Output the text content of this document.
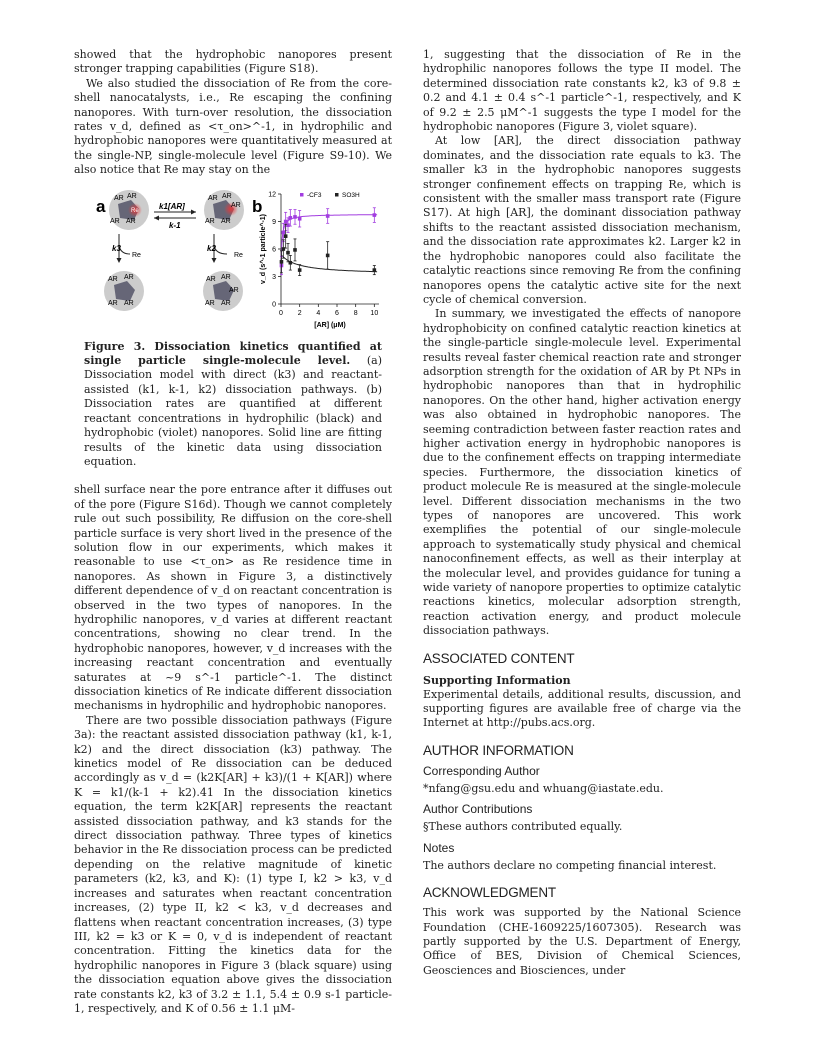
showed that the hydrophobic nanopores present stronger trapping capabilities (Figure S18).

We also studied the dissociation of Re from the core-shell nanocatalysts, i.e., Re escaping the confining nanopores. With turn-over resolution, the dissociation rates v_d, defined as <τ_on>^-1, in hydrophilic and hydrophobic nanopores were quantitatively measured at the single-NP, single-molecule level (Figure S9-10). We also notice that Re may stay on the

a AR AR
AR AR
Re	k1[AR]
k-1
AR AR
AR
AR AR
k3
Re
k2
Re
AR AR
AR AR
AR AR
AR
AR AR
b
0 2 4 6 8 10
0
3
6
9
12
[AR] (μM)
v_d (s^-1 particle^-1)
-CF3	SO3H
Figure 3. Dissociation kinetics quantified at single particle single-molecule level. (a) Dissociation model with direct (k3) and reactant-assisted (k1, k-1, k2) dissociation pathways. (b) Dissociation rates are quantified at different reactant concentrations in hydrophilic (black) and hydrophobic (violet) nanopores. Solid line are fitting results of the kinetic data using dissociation equation.

shell surface near the pore entrance after it diffuses out of the pore (Figure S16d). Though we cannot completely rule out such possibility, Re diffusion on the core-shell particle surface is very short lived in the presence of the solution flow in our experiments, which makes it reasonable to use <τ_on> as Re residence time in nanopores. As shown in Figure 3, a distinctively different dependence of v_d on reactant concentration is observed in the two types of nanopores. In the hydrophilic nanopores, v_d varies at different reactant concentrations, showing no clear trend. In the hydrophobic nanopores, however, v_d increases with the increasing reactant concentration and eventually saturates at ~9 s^-1 particle^-1. The distinct dissociation kinetics of Re indicate different dissociation mechanisms in hydrophilic and hydrophobic nanopores.

There are two possible dissociation pathways (Figure 3a): the reactant assisted dissociation pathway (k1, k-1, k2) and the direct dissociation (k3) pathway. The kinetics model of Re dissociation can be deduced accordingly as v_d = (k2K[AR] + k3)/(1 + K[AR]) where K = k1/(k-1 + k2).41 In the dissociation kinetics equation, the term k2K[AR] represents the reactant assisted dissociation pathway, and k3 stands for the direct dissociation pathway. Three types of kinetics behavior in the Re dissociation process can be predicted depending on the relative magnitude of kinetic parameters (k2, k3, and K): (1) type I, k2 > k3, v_d increases and saturates when reactant concentration increases, (2) type II, k2 < k3, v_d decreases and flattens when reactant concentration increases, (3) type III, k2 = k3 or K = 0, v_d is independent of reactant concentration. Fitting the kinetics data for the hydrophilic nanopores in Figure 3 (black square) using the dissociation equation above gives the dissociation rate constants k2, k3 of 3.2 ± 1.1, 5.4 ± 0.9 s-1 particle-1, respectively, and K of 0.56 ± 1.1 μM-

1, suggesting that the dissociation of Re in the hydrophilic nanopores follows the type II model. The determined dissociation rate constants k2, k3 of 9.8 ± 0.2 and 4.1 ± 0.4 s^-1 particle^-1, respectively, and K of 9.2 ± 2.5 μM^-1 suggests the type I model for the hydrophobic nanopores (Figure 3, violet square).

At low [AR], the direct dissociation pathway dominates, and the dissociation rate equals to k3. The smaller k3 in the hydrophobic nanopores suggests stronger confinement effects on trapping Re, which is consistent with the smaller mass transport rate (Figure S17). At high [AR], the dominant dissociation pathway shifts to the reactant assisted dissociation mechanism, and the dissociation rate approximates k2. Larger k2 in the hydrophobic nanopores could also facilitate the catalytic reactions since removing Re from the confining nanopores opens the catalytic active site for the next cycle of chemical conversion.

In summary, we investigated the effects of nanopore hydrophobicity on confined catalytic reaction kinetics at the single-particle single-molecule level. Experimental results reveal faster chemical reaction rate and stronger adsorption strength for the oxidation of AR by Pt NPs in hydrophobic nanopores than that in hydrophilic nanopores. On the other hand, higher activation energy was also obtained in hydrophobic nanopores. The seeming contradiction between faster reaction rates and higher activation energy in hydrophobic nanopores is due to the confinement effects on trapping intermediate species. Furthermore, the dissociation kinetics of product molecule Re is measured at the single-molecule level. Different dissociation mechanisms in the two types of nanopores are uncovered. This work exemplifies the potential of our single-molecule approach to systematically study physical and chemical nanoconfinement effects, as well as their interplay at the molecular level, and provides guidance for tuning a wide variety of nanopore properties to optimize catalytic reactions kinetics, molecular adsorption strength, reaction activation energy, and product molecule dissociation pathways.

ASSOCIATED CONTENT
Supporting Information

Experimental details, additional results, discussion, and supporting figures are available free of charge via the Internet at http://pubs.acs.org.

AUTHOR INFORMATION
Corresponding Author

*nfang@gsu.edu and whuang@iastate.edu.

Author Contributions

§These authors contributed equally.

Notes

The authors declare no competing financial interest.

ACKNOWLEDGMENT

This work was supported by the National Science Foundation (CHE-1609225/1607305). Research was partly supported by the U.S. Department of Energy, Office of BES, Division of Chemical Sciences, Geosciences and Biosciences, under
